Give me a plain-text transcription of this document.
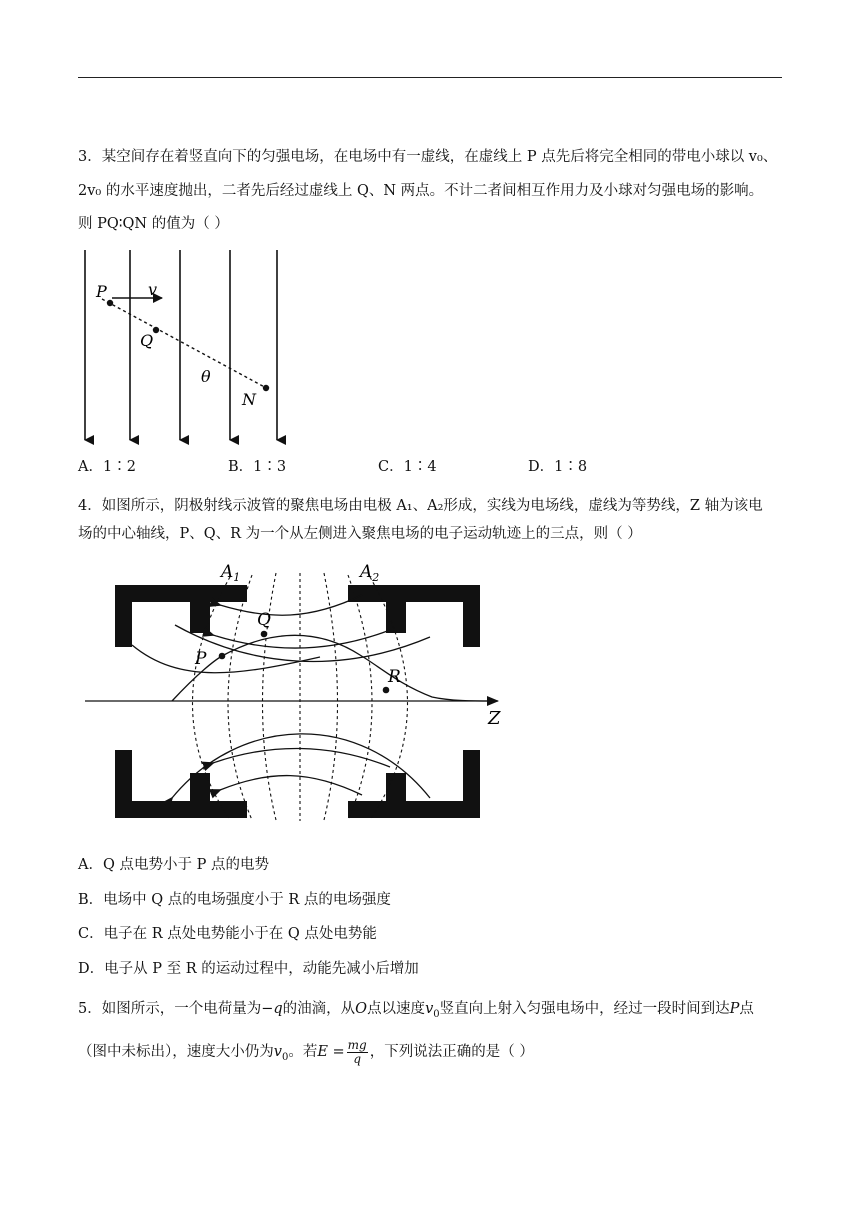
3．某空间存在着竖直向下的匀强电场，在电场中有一虚线，在虚线上 P 点先后将完全相同的带电小球以 v₀、
2v₀ 的水平速度抛出，二者先后经过虚线上 Q、N 两点。不计二者间相互作用力及小球对匀强电场的影响。
则 PQ∶QN 的值为（ ）
P	v
Q
θ
N
A．1∶2	B．1∶3	C．1∶4	D．1∶8
4．如图所示，阴极射线示波管的聚焦电场由电极 A₁、A₂形成，实线为电场线，虚线为等势线，Z 轴为该电
场的中心轴线，P、Q、R 为一个从左侧进入聚焦电场的电子运动轨迹上的三点，则（ ）
$A_1$	$A_2$
P
Q
R
Z
A．Q 点电势小于 P 点的电势
B．电场中 Q 点的电场强度小于 R 点的电场强度
C．电子在 R 点处电势能小于在 Q 点处电势能
D．电子从 P 至 R 的运动过程中，动能先减小后增加
5．如图所示，一个电荷量为−q的油滴，从O点以速度$v_0$竖直向上射入匀强电场中，经过一段时间到达P点
（图中未标出），速度大小仍为$v_0$。若$E = \frac{mg}{q}$ ，下列说法正确的是（ ）
